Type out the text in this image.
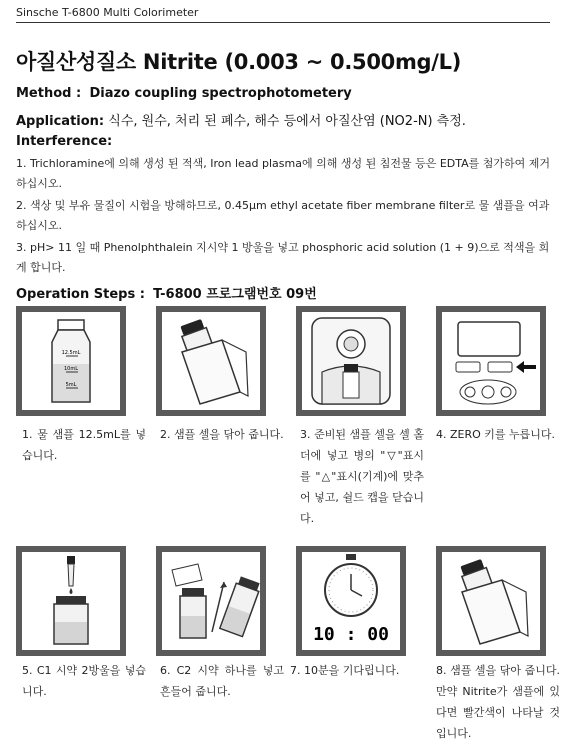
Sinsche T-6800 Multi Colorimeter
아질산성질소 Nitrite (0.003 ~ 0.500mg/L)
Method : Diazo coupling spectrophotometery
Application: 식수, 원수, 처리 된 폐수, 해수 등에서 아질산염 (NO2-N) 측정.
Interference:
1. Trichloramine에 의해 생성 된 적색, Iron lead plasma에 의해 생성 된 침전물 등은 EDTA를 첨가하여 제거하십시오.
2. 색상 및 부유 물질이 시험을 방해하므로, 0.45μm ethyl acetate fiber membrane filter로 물 샘플을 여과하십시오.
3. pH> 11 일 때 Phenolphthalein 지시약 1 방울을 넣고 phosphoric acid solution (1 + 9)으로 적색을 희게 합니다.
Operation Steps : T-6800 프로그램번호 09번
12.5mL
10mL
5mL
1. 물 샘플 12.5mL를 넣습니다.
2. 샘플 셀을 닦아 줍니다. 3. 준비된 샘플 셀을 셀 홀더에 넣고 병의 "▽"표시를 "△"표시(기계)에 맞추어 넣고, 쉴드 캡을 닫습니다.
4. ZERO 키를 누릅니다.
10 : 00
5. C1 시약 2방울을 넣습니다.
6. C2 시약 하나를 넣고 흔들어 줍니다.
7. 10분을 기다립니다.	8. 샘플 셀을 닦아 줍니다. 만약 Nitrite가 샘플에 있다면 빨간색이 나타날 것 입니다.
